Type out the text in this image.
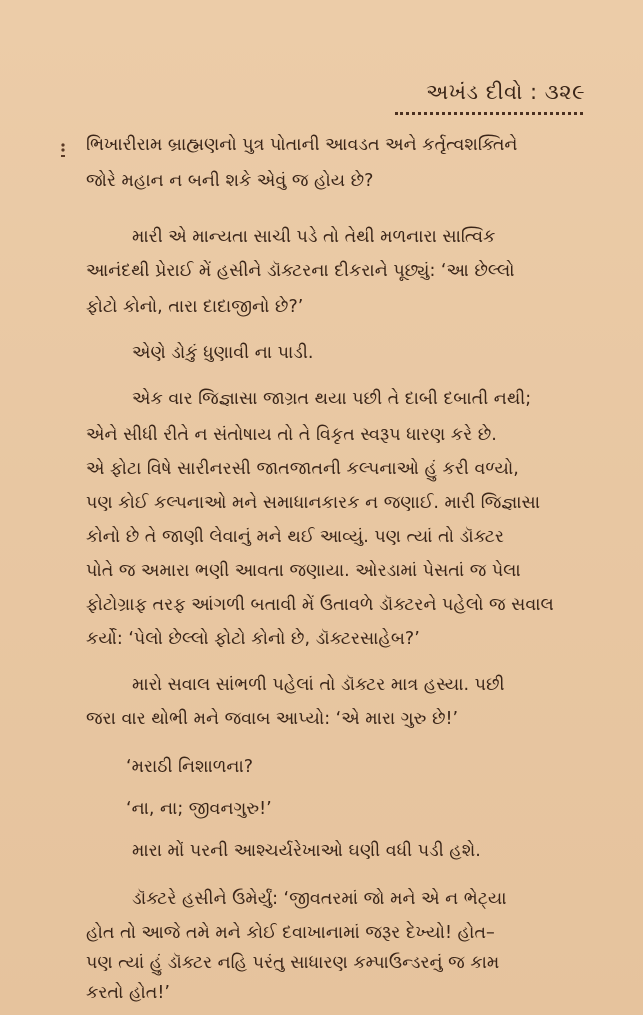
અખંડ દીવો : ૩૨૯
ભિખારીરામ બ્રાહ્મણનો પુત્ર પોતાની આવડત અને કર્તૃત્વશક્તિને
જોરે મહાન ન બની શકે એવું જ હોય છે?
મારી એ માન્યતા સાચી પડે તો તેથી મળનારા સાત્વિક
આનંદથી પ્રેરાઈ મેં હસીને ડૉક્ટરના દીકરાને પૂછ્યું: ‘આ છેલ્લો
ફોટો કોનો, તારા દાદાજીનો છે?’
એણે ડોકું ધુણાવી ના પાડી.
એક વાર જિજ્ઞાસા જાગ્રત થયા પછી તે દાબી દબાતી નથી;
એને સીધી રીતે ન સંતોષાય તો તે વિકૃત સ્વરૂપ ધારણ કરે છે.
એ ફોટા વિષે સારીનરસી જાતજાતની કલ્પનાઓ હું કરી વળ્યો,
પણ કોઈ કલ્પનાઓ મને સમાધાનકારક ન જણાઈ. મારી જિજ્ઞાસા
કોનો છે તે જાણી લેવાનું મને થઈ આવ્યું. પણ ત્યાં તો ડૉક્ટર
પોતે જ અમારા ભણી આવતા જણાયા. ઓરડામાં પેસતાં જ પેલા
ફોટોગ્રાફ તરફ આંગળી બતાવી મેં ઉતાવળે ડૉક્ટરને પહેલો જ સવાલ
કર્યો: ‘પેલો છેલ્લો ફોટો કોનો છે, ડૉક્ટરસાહેબ?’
મારો સવાલ સાંભળી પહેલાં તો ડૉક્ટર માત્ર હસ્યા. પછી
જરા વાર થોભી મને જવાબ આપ્યો: ‘એ મારા ગુરુ છે!’
‘મરાઠી નિશાળના?
‘ના, ના; જીવનગુરુ!’
મારા મોં પરની આશ્ચર્યરેખાઓ ઘણી વધી પડી હશે.
ડૉક્ટરે હસીને ઉમેર્યું: ‘જીવતરમાં જો મને એ ન ભેટ્યા
હોત તો આજે તમે મને કોઈ દવાખાનામાં જરૂર દેખ્યો! હોત–
પણ ત્યાં હું ડૉક્ટર નહિ પરંતુ સાધારણ કમ્પાઉન્ડરનું જ કામ
કરતો હોત!’
